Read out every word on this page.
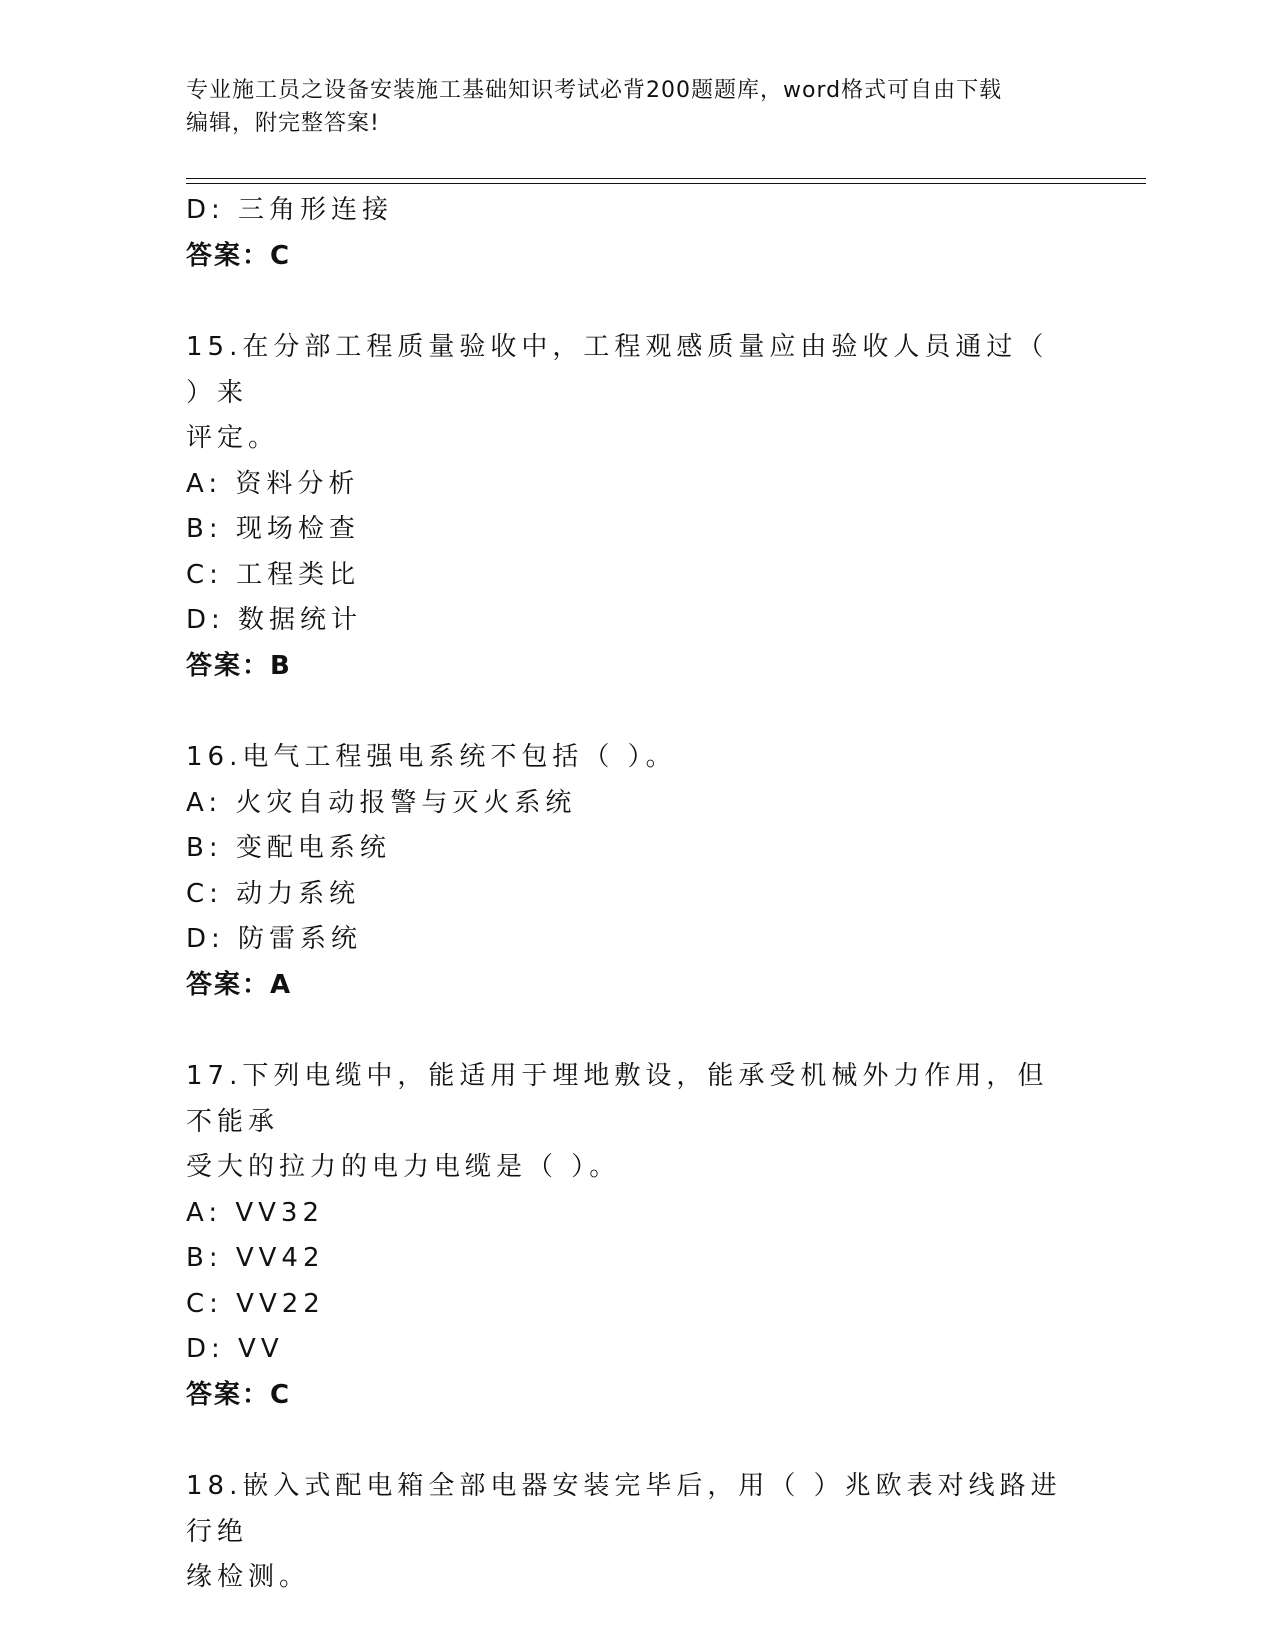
专业施工员之设备安装施工基础知识考试必背200题题库，word格式可自由下载
编辑，附完整答案!
D: 三角形连接
答案：C
15.在分部工程质量验收中，工程观感质量应由验收人员通过（ ）来
评定。
A: 资料分析
B: 现场检查
C: 工程类比
D: 数据统计
答案：B
16.电气工程强电系统不包括（ ）。
A: 火灾自动报警与灭火系统
B: 变配电系统
C: 动力系统
D: 防雷系统
答案：A
17.下列电缆中，能适用于埋地敷设，能承受机械外力作用，但不能承
受大的拉力的电力电缆是（ ）。
A: VV32
B: VV42
C: VV22
D: VV
答案：C
18.嵌入式配电箱全部电器安装完毕后，用（ ）兆欧表对线路进行绝
缘检测。
